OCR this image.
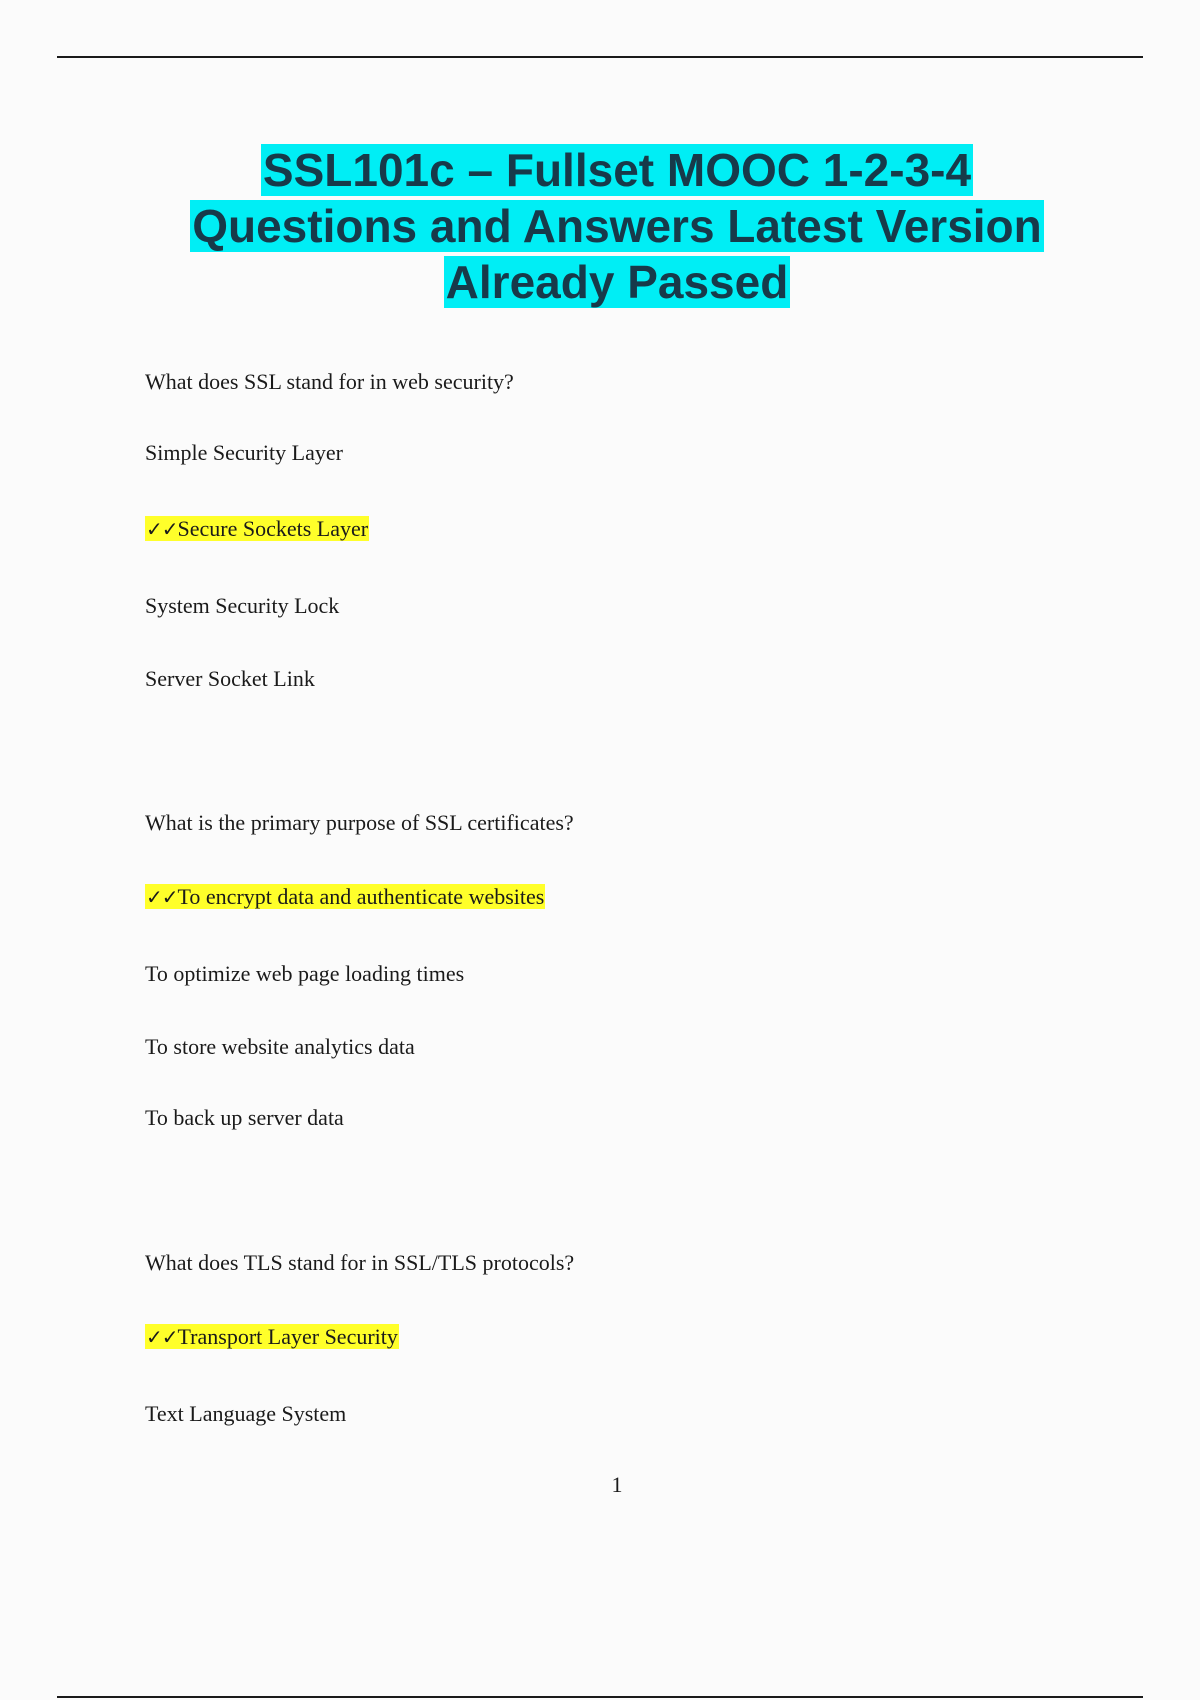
SSL101c – Fullset MOOC 1-2-3-4
Questions and Answers Latest Version
Already Passed
What does SSL stand for in web security?
Simple Security Layer
✓✓Secure Sockets Layer
System Security Lock
Server Socket Link
What is the primary purpose of SSL certificates?
✓✓To encrypt data and authenticate websites
To optimize web page loading times
To store website analytics data
To back up server data
What does TLS stand for in SSL/TLS protocols?
✓✓Transport Layer Security
Text Language System
1
